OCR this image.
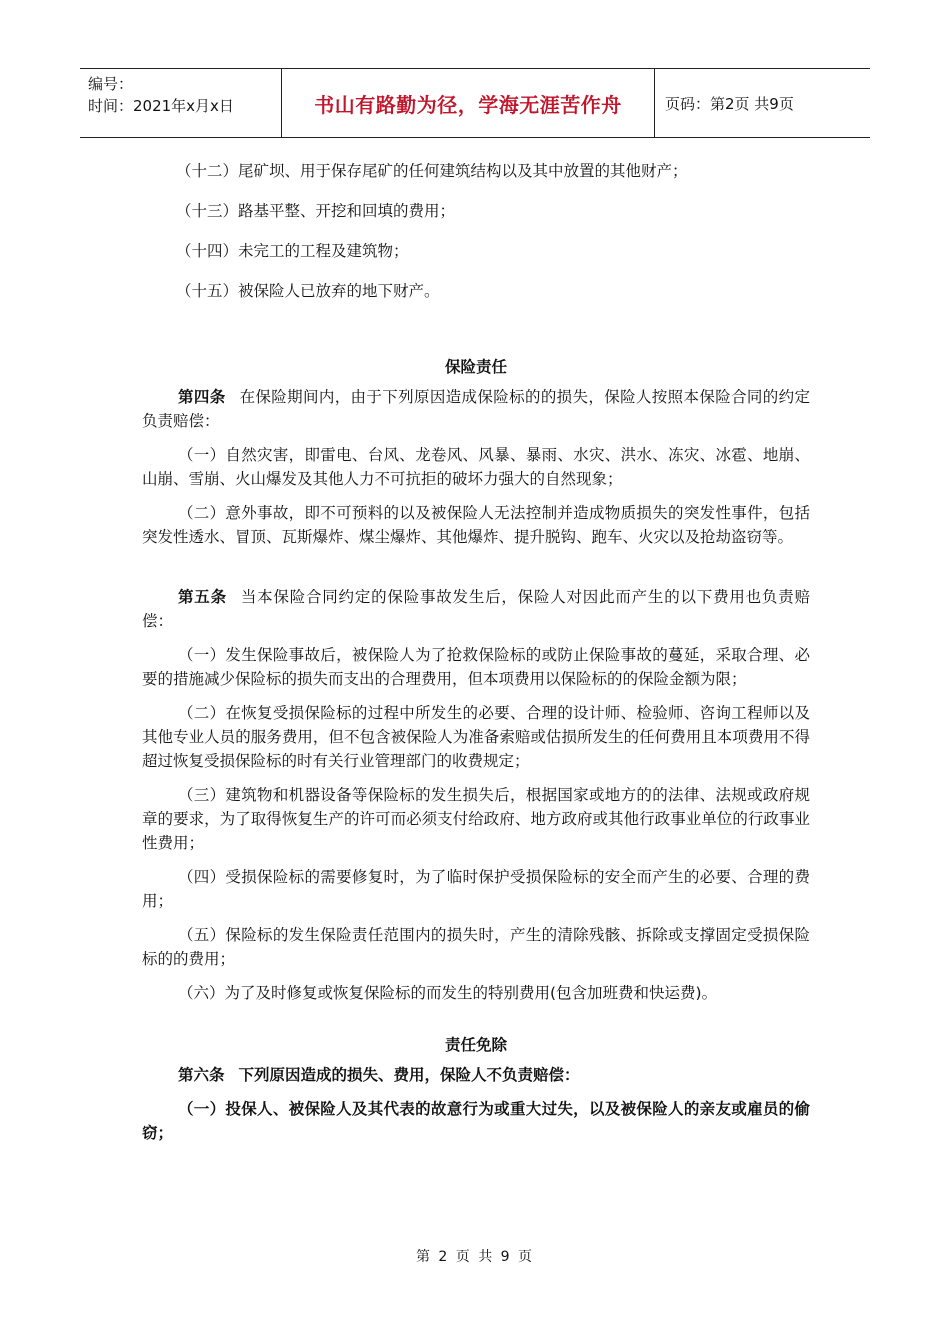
编号：
时间：2021年x月x日	书山有路勤为径，学海无涯苦作舟	页码：第2页 共9页
（十二）尾矿坝、用于保存尾矿的任何建筑结构以及其中放置的其他财产；
（十三）路基平整、开挖和回填的费用；
（十四）未完工的工程及建筑物；
（十五）被保险人已放弃的地下财产。
保险责任
第四条 在保险期间内，由于下列原因造成保险标的的损失，保险人按照本保险合同的约定负责赔偿：
（一）自然灾害，即雷电、台风、龙卷风、风暴、暴雨、水灾、洪水、冻灾、冰雹、地崩、山崩、雪崩、火山爆发及其他人力不可抗拒的破坏力强大的自然现象；
（二）意外事故，即不可预料的以及被保险人无法控制并造成物质损失的突发性事件，包括突发性透水、冒顶、瓦斯爆炸、煤尘爆炸、其他爆炸、提升脱钩、跑车、火灾以及抢劫盗窃等。
第五条 当本保险合同约定的保险事故发生后，保险人对因此而产生的以下费用也负责赔偿：
（一）发生保险事故后，被保险人为了抢救保险标的或防止保险事故的蔓延，采取合理、必要的措施减少保险标的损失而支出的合理费用，但本项费用以保险标的的保险金额为限；
（二）在恢复受损保险标的过程中所发生的必要、合理的设计师、检验师、咨询工程师以及其他专业人员的服务费用，但不包含被保险人为准备索赔或估损所发生的任何费用且本项费用不得超过恢复受损保险标的时有关行业管理部门的收费规定；
（三）建筑物和机器设备等保险标的发生损失后，根据国家或地方的的法律、法规或政府规章的要求，为了取得恢复生产的许可而必须支付给政府、地方政府或其他行政事业单位的行政事业性费用；
（四）受损保险标的需要修复时，为了临时保护受损保险标的安全而产生的必要、合理的费用；
（五）保险标的发生保险责任范围内的损失时，产生的清除残骸、拆除或支撑固定受损保险标的的费用；
（六）为了及时修复或恢复保险标的而发生的特别费用(包含加班费和快运费)。
责任免除
第六条 下列原因造成的损失、费用，保险人不负责赔偿：
（一）投保人、被保险人及其代表的故意行为或重大过失，以及被保险人的亲友或雇员的偷窃；
第 2 页 共 9 页
